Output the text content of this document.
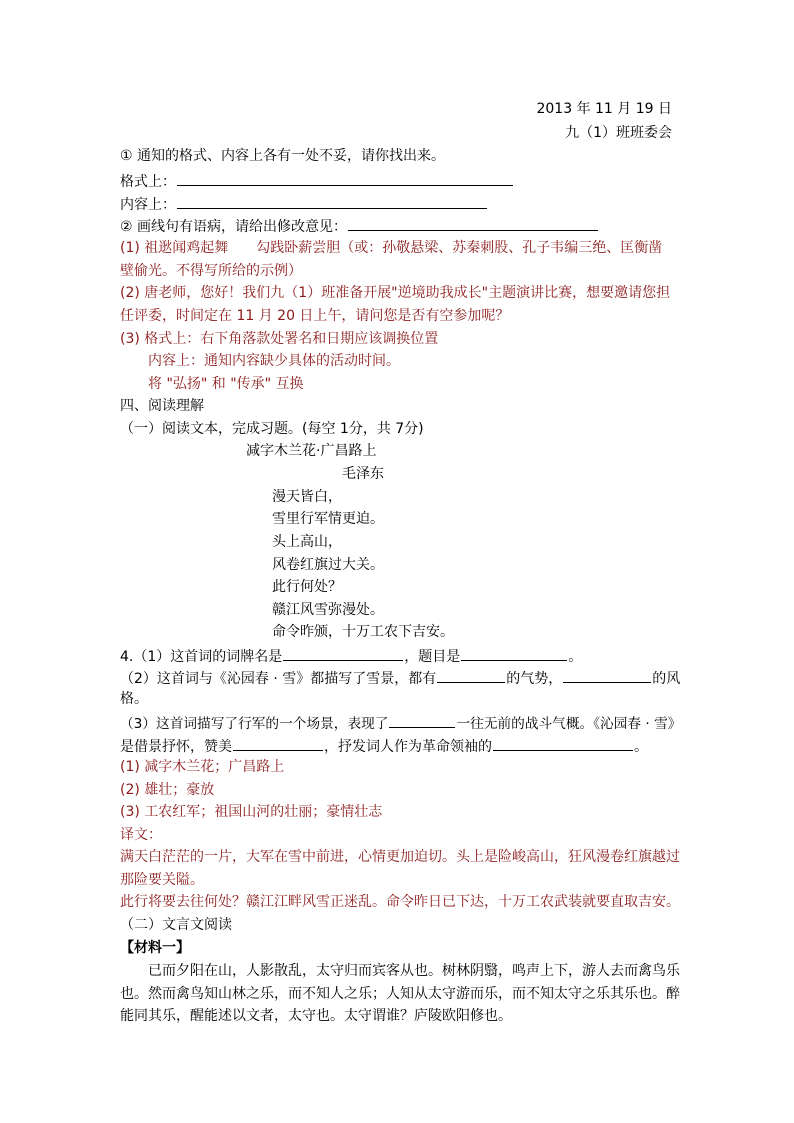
2013 年 11 月 19 日
九（1）班班委会
① 通知的格式、内容上各有一处不妥，请你找出来。
格式上：
内容上：
② 画线句有语病，请给出修改意见：
(1) 祖逖闻鸡起舞　　勾践卧薪尝胆（或：孙敬悬梁、苏秦刺股、孔子韦编三绝、匡衡凿
壁偷光。不得写所给的示例）
(2) 唐老师，您好！我们九（1）班准备开展"逆境助我成长"主题演讲比赛，想要邀请您担
任评委，时间定在 11 月 20 日上午，请问您是否有空参加呢？
(3) 格式上：右下角落款处署名和日期应该调换位置
内容上：通知内容缺少具体的活动时间。
将 "弘扬" 和 "传承" 互换
四、阅读理解
（一）阅读文本，完成习题。(每空 1分，共 7分)
减字木兰花·广昌路上
毛泽东
漫天皆白，
雪里行军情更迫。
头上高山，
风卷红旗过大关。
此行何处？
赣江风雪弥漫处。
命令昨颁，十万工农下吉安。
4.（1）这首词的词牌名是	，题目是	。
（2）这首词与《沁园春 · 雪》都描写了雪景，都有	的气势，	的风
格。
（3）这首词描写了行军的一个场景，表现了	一往无前的战斗气概。《沁园春 · 雪》
是借景抒怀，赞美	，抒发词人作为革命领袖的	。
(1) 减字木兰花；广昌路上
(2) 雄壮；豪放
(3) 工农红军；祖国山河的壮丽；豪情壮志
译文：
满天白茫茫的一片，大军在雪中前进，心情更加迫切。头上是险峻高山，狂风漫卷红旗越过
那险要关隘。
此行将要去往何处？赣江江畔风雪正迷乱。命令昨日已下达，十万工农武装就要直取吉安。
（二）文言文阅读
【材料一】
已而夕阳在山，人影散乱，太守归而宾客从也。树林阴翳，鸣声上下，游人去而禽鸟乐
也。然而禽鸟知山林之乐，而不知人之乐；人知从太守游而乐，而不知太守之乐其乐也。醉
能同其乐，醒能述以文者，太守也。太守谓谁？庐陵欧阳修也。
